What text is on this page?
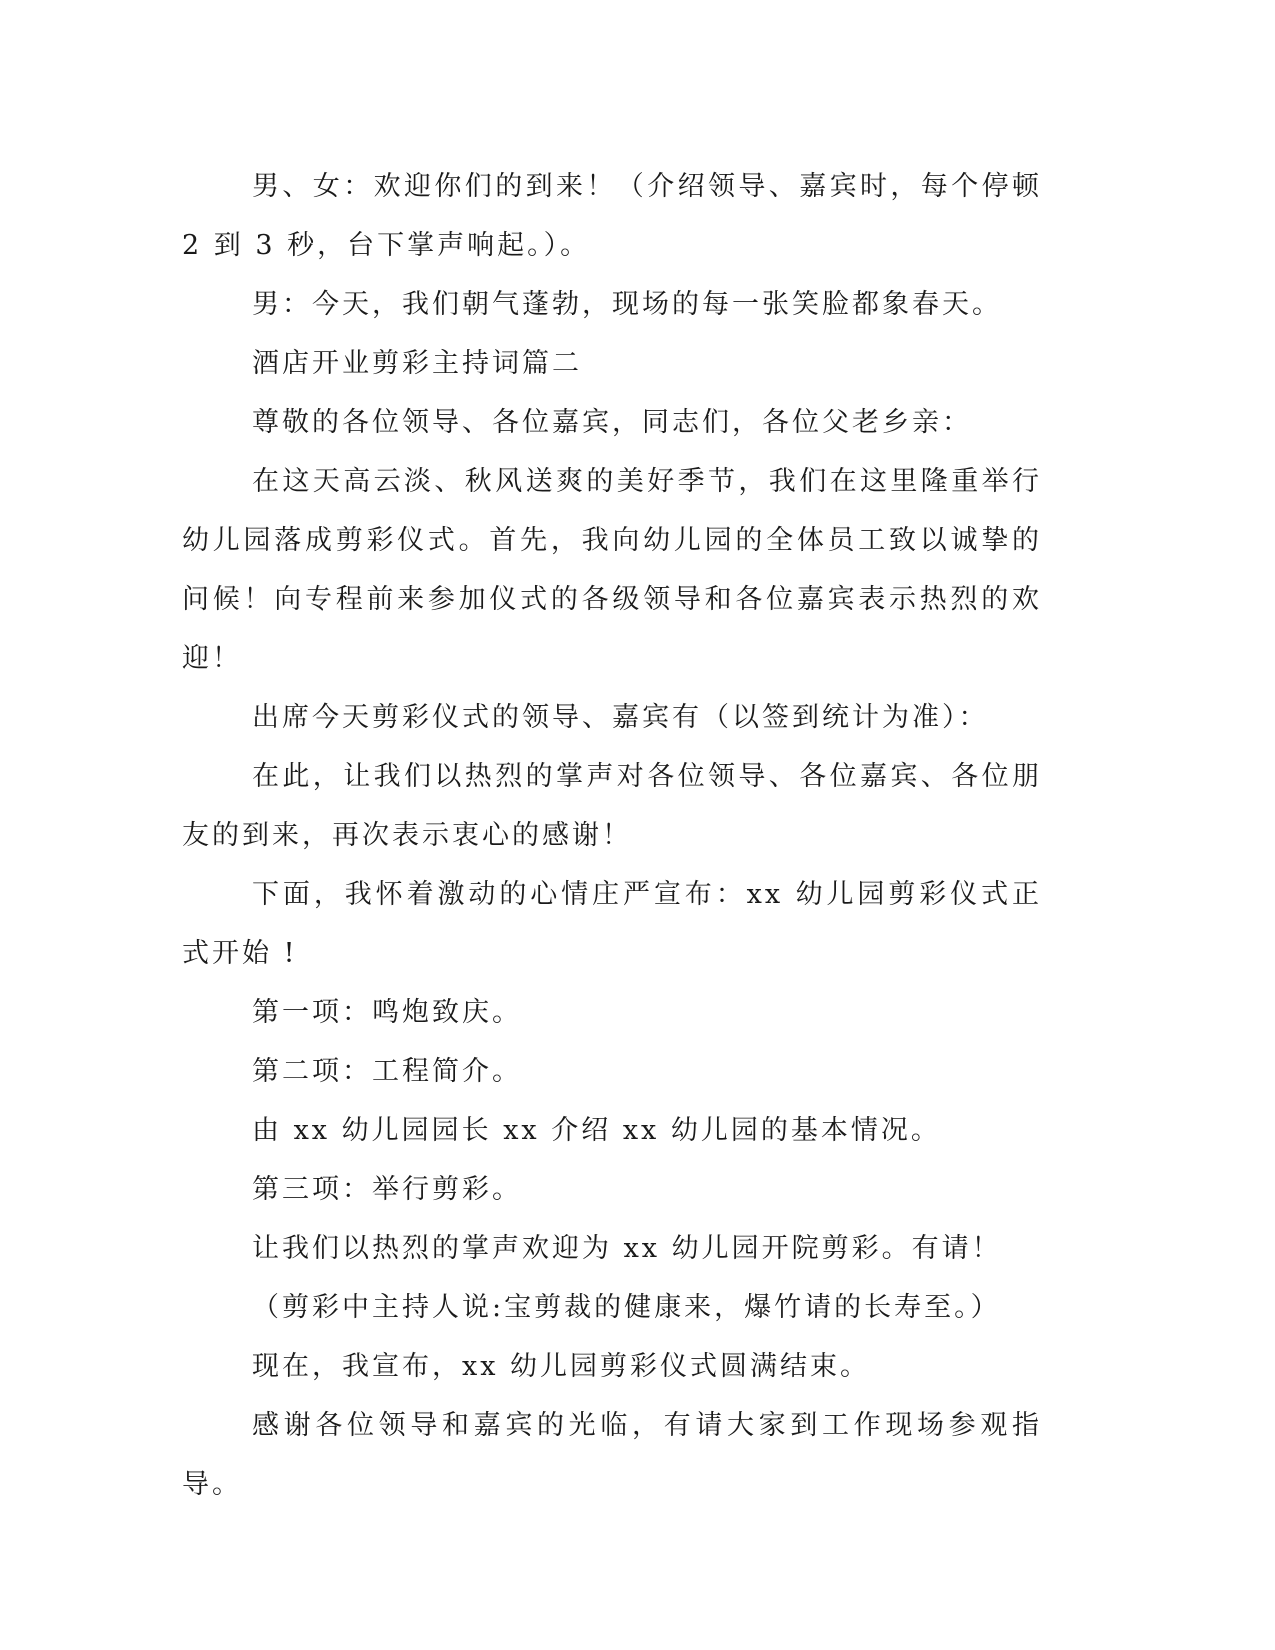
男、女：欢迎你们的到来！（介绍领导、嘉宾时，每个停顿 2 到 3 秒，台下掌声响起。）。

男：今天，我们朝气蓬勃，现场的每一张笑脸都象春天。

酒店开业剪彩主持词篇二

尊敬的各位领导、各位嘉宾，同志们，各位父老乡亲：

在这天高云淡、秋风送爽的美好季节，我们在这里隆重举行幼儿园落成剪彩仪式。首先，我向幼儿园的全体员工致以诚挚的问候！向专程前来参加仪式的各级领导和各位嘉宾表示热烈的欢迎！

出席今天剪彩仪式的领导、嘉宾有（以签到统计为准）：

在此，让我们以热烈的掌声对各位领导、各位嘉宾、各位朋友的到来，再次表示衷心的感谢！

下面，我怀着激动的心情庄严宣布：xx 幼儿园剪彩仪式正式开始 !

第一项：鸣炮致庆。

第二项：工程简介。

由 xx 幼儿园园长 xx 介绍 xx 幼儿园的基本情况。

第三项：举行剪彩。

让我们以热烈的掌声欢迎为 xx 幼儿园开院剪彩。有请！

（剪彩中主持人说:宝剪裁的健康来，爆竹请的长寿至。）

现在，我宣布，xx 幼儿园剪彩仪式圆满结束。

感谢各位领导和嘉宾的光临，有请大家到工作现场参观指导。
